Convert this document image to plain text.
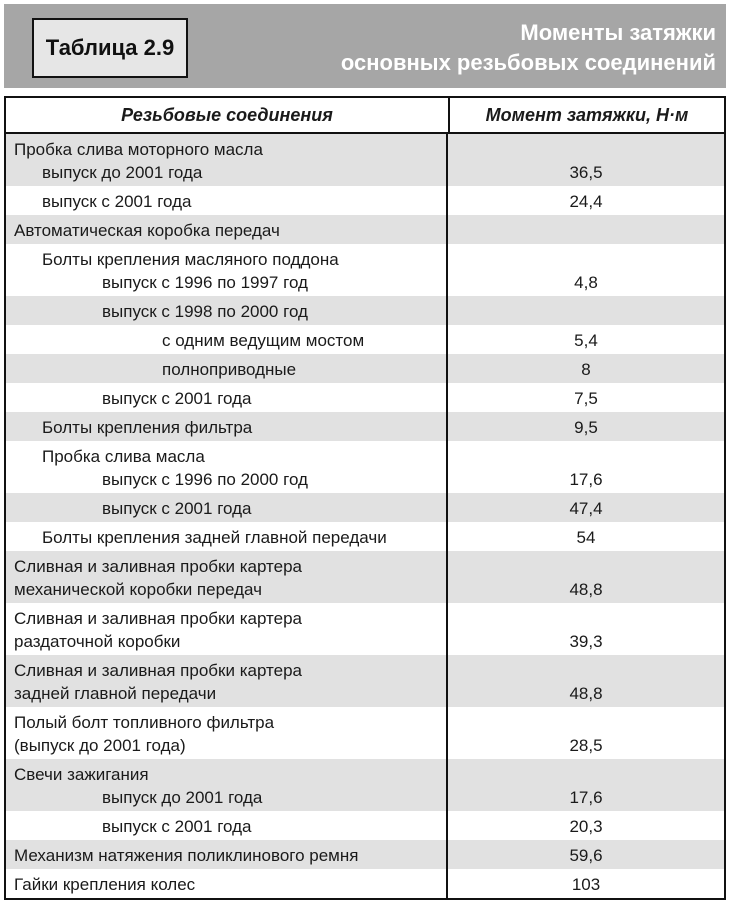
Таблица 2.9
Моменты затяжки
основных резьбовых соединений
Резьбовые соединения	Момент затяжки, Н·м
Пробка слива моторного масла
выпуск до 2001 года	36,5
выпуск с 2001 года	24,4
Автоматическая коробка передач
Болты крепления масляного поддона
выпуск с 1996 по 1997 год	4,8
выпуск с 1998 по 2000 год
с одним ведущим мостом	5,4
полноприводные	8
выпуск с 2001 года	7,5
Болты крепления фильтра	9,5
Пробка слива масла
выпуск с 1996 по 2000 год	17,6
выпуск с 2001 года	47,4
Болты крепления задней главной передачи	54
Сливная и заливная пробки картера
механической коробки передач	48,8
Сливная и заливная пробки картера
раздаточной коробки	39,3
Сливная и заливная пробки картера
задней главной передачи	48,8
Полый болт топливного фильтра
(выпуск до 2001 года)	28,5
Свечи зажигания
выпуск до 2001 года	17,6
выпуск с 2001 года	20,3
Механизм натяжения поликлинового ремня	59,6
Гайки крепления колес	103
